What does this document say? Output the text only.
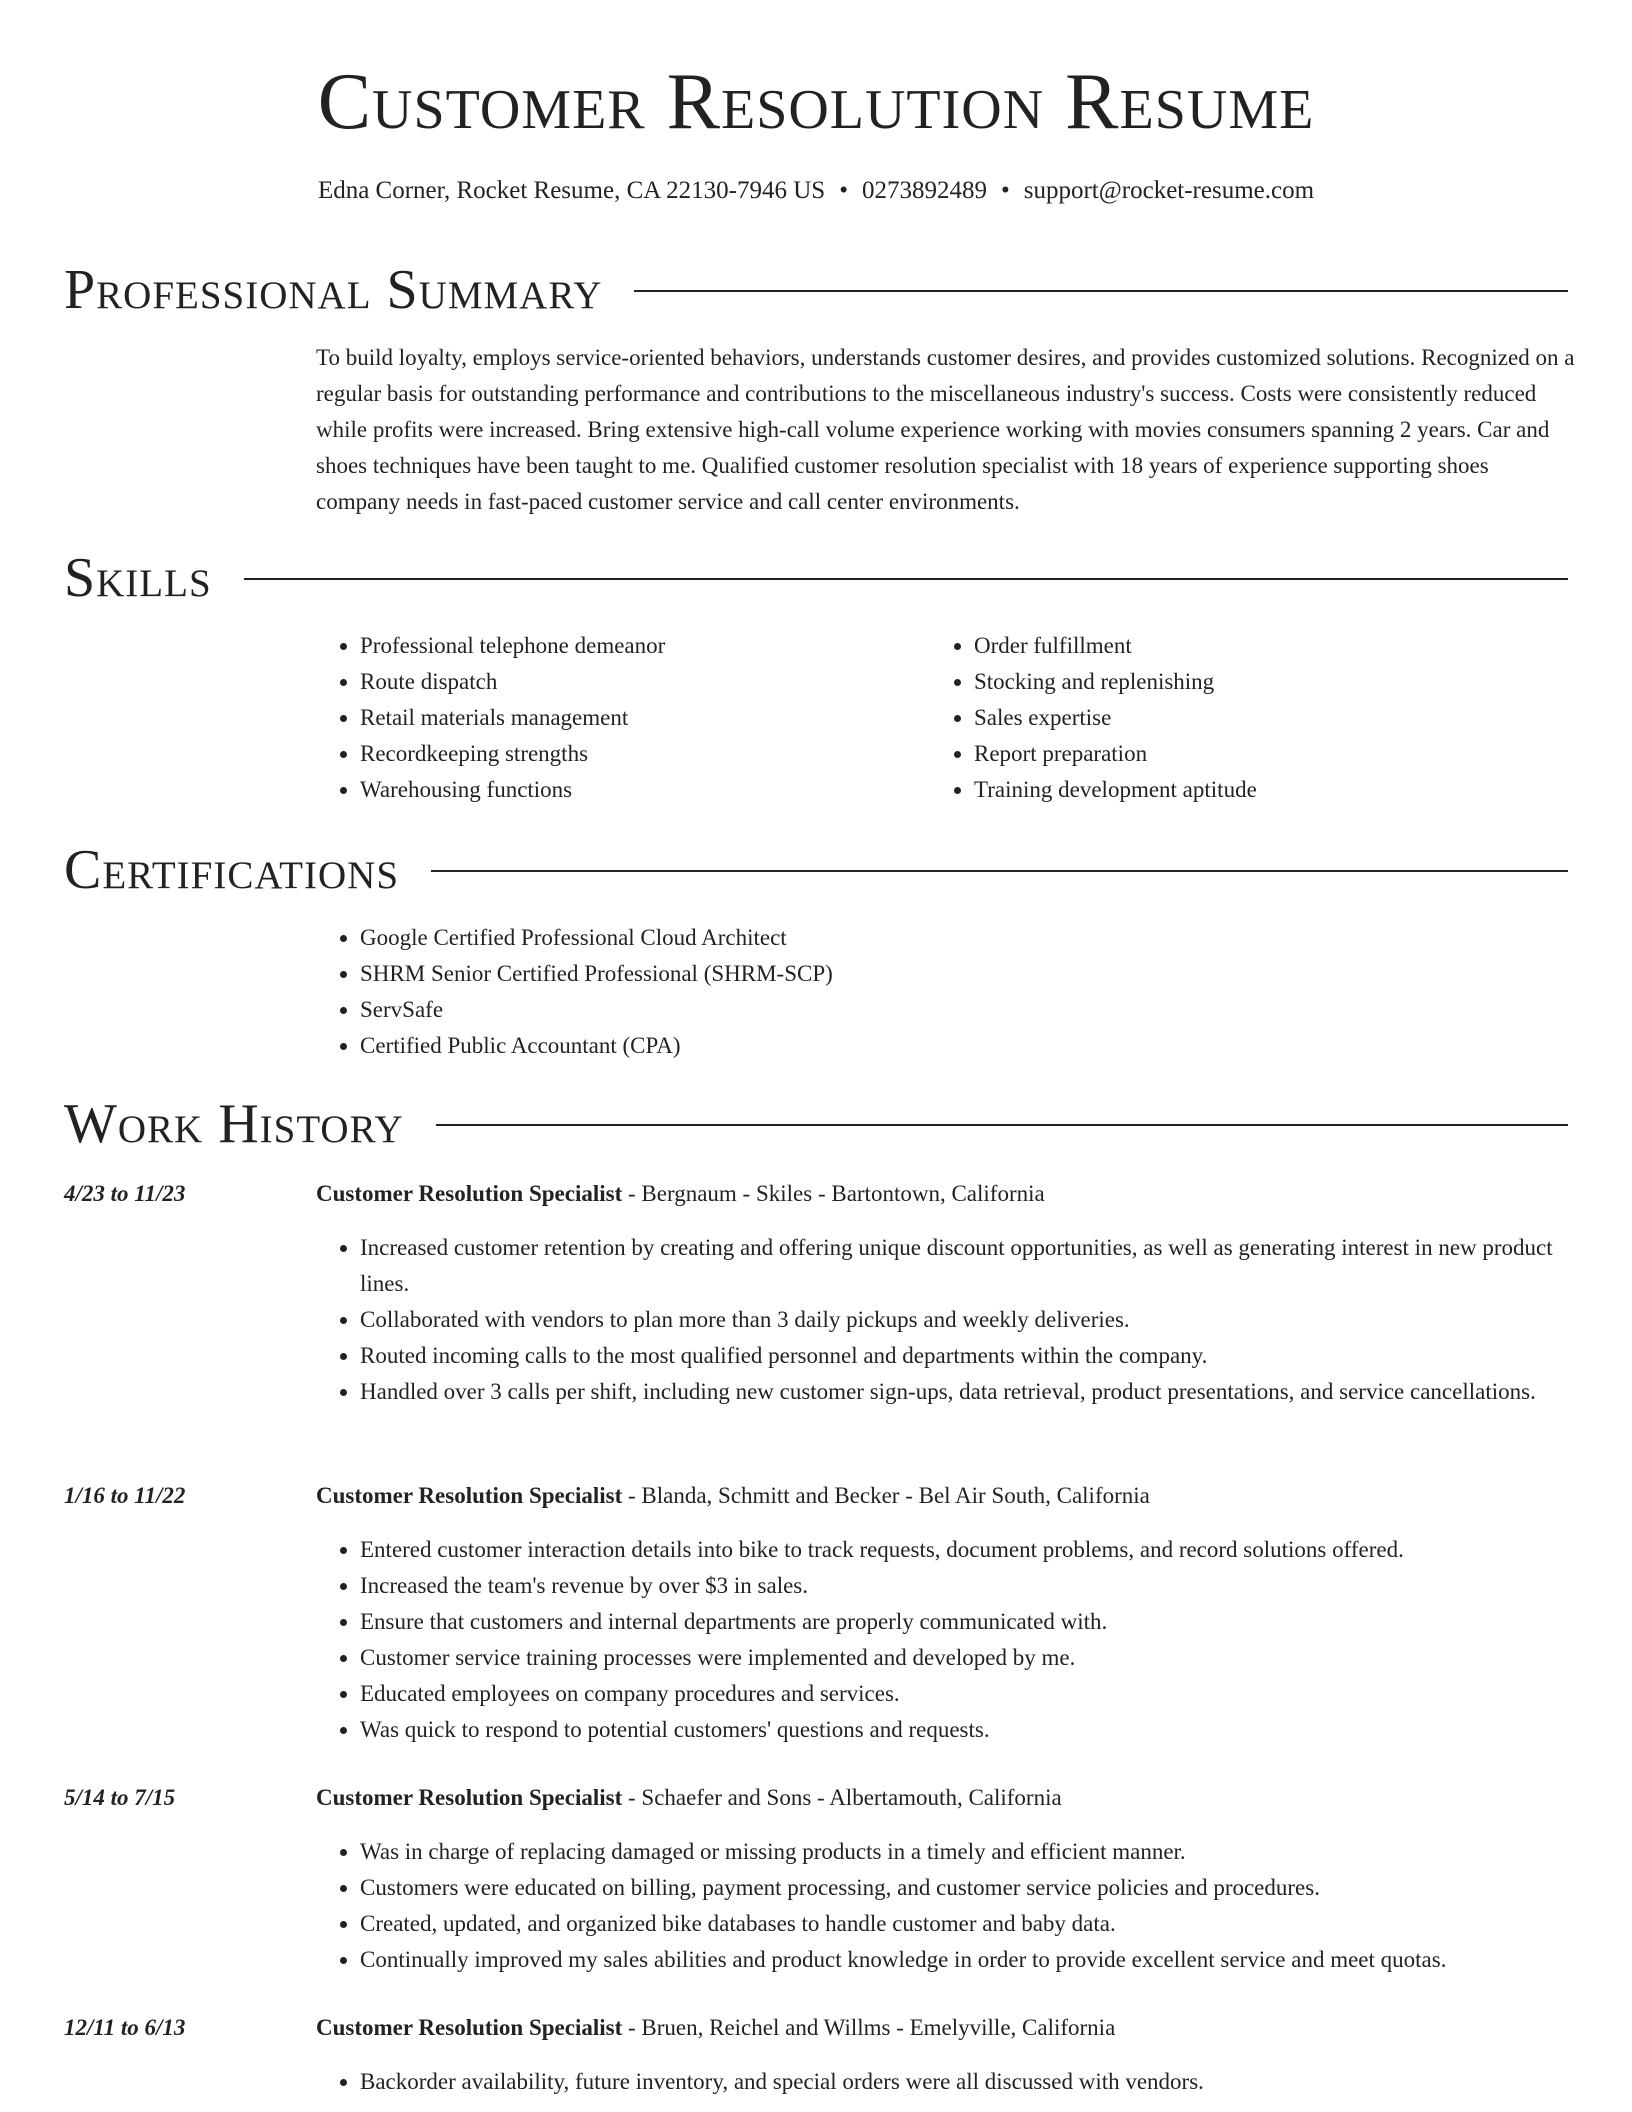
Customer Resolution Resume
Edna Corner, Rocket Resume, CA 22130-7946 US • 0273892489 • support@rocket-resume.com
Professional Summary

To build loyalty, employs service-oriented behaviors, understands customer desires, and provides customized solutions. Recognized on a regular basis for outstanding performance and contributions to the miscellaneous industry's success. Costs were consistently reduced while profits were increased. Bring extensive high-call volume experience working with movies consumers spanning 2 years. Car and shoes techniques have been taught to me. Qualified customer resolution specialist with 18 years of experience supporting shoes company needs in fast-paced customer service and call center environments.

Skills
• Professional telephone demeanor
• Route dispatch
• Retail materials management
• Recordkeeping strengths
• Warehousing functions
• Order fulfillment
• Stocking and replenishing
• Sales expertise
• Report preparation
• Training development aptitude
Certifications
• Google Certified Professional Cloud Architect
• SHRM Senior Certified Professional (SHRM-SCP)
• ServSafe
• Certified Public Accountant (CPA)
Work History
4/23 to 11/23	Customer Resolution Specialist - Bergnaum - Skiles - Bartontown, California
• Increased customer retention by creating and offering unique discount opportunities, as well as generating interest in new product lines.
• Collaborated with vendors to plan more than 3 daily pickups and weekly deliveries.
• Routed incoming calls to the most qualified personnel and departments within the company.
• Handled over 3 calls per shift, including new customer sign-ups, data retrieval, product presentations, and service cancellations.
1/16 to 11/22	Customer Resolution Specialist - Blanda, Schmitt and Becker - Bel Air South, California
• Entered customer interaction details into bike to track requests, document problems, and record solutions offered.
• Increased the team's revenue by over $3 in sales.
• Ensure that customers and internal departments are properly communicated with.
• Customer service training processes were implemented and developed by me.
• Educated employees on company procedures and services.
• Was quick to respond to potential customers' questions and requests.
5/14 to 7/15	Customer Resolution Specialist - Schaefer and Sons - Albertamouth, California
• Was in charge of replacing damaged or missing products in a timely and efficient manner.
• Customers were educated on billing, payment processing, and customer service policies and procedures.
• Created, updated, and organized bike databases to handle customer and baby data.
• Continually improved my sales abilities and product knowledge in order to provide excellent service and meet quotas.
12/11 to 6/13	Customer Resolution Specialist - Bruen, Reichel and Willms - Emelyville, California
• Backorder availability, future inventory, and special orders were all discussed with vendors.
